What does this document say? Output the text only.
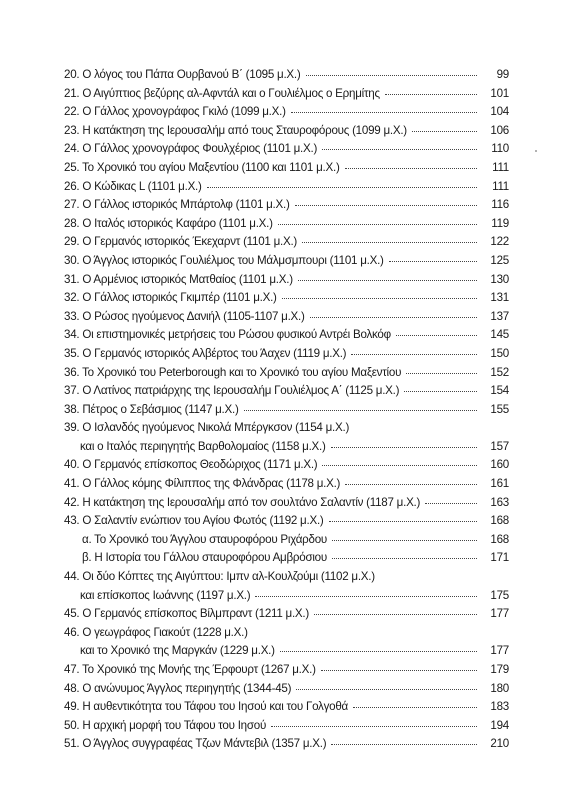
20. Ο λόγος του Πάπα Ουρβανού Β΄ (1095 μ.Χ.)	99
21. Ο Αιγύπτιος βεζύρης αλ-Αφντάλ και ο Γουλιέλμος ο Ερημίτης	101
22. Ο Γάλλος χρονογράφος Γκιλό (1099 μ.Χ.)	104
23. Η κατάκτηση της Ιερουσαλήμ από τους Σταυροφόρους (1099 μ.Χ.)	106
24. Ο Γάλλος χρονογράφος Φουλχέριος (1101 μ.Χ.)	110
25. Το Χρονικό του αγίου Μαξεντίου (1100 και 1101 μ.Χ.)	111
26. Ο Κώδικας L (1101 μ.Χ.)	111
27. Ο Γάλλος ιστορικός Μπάρτολφ (1101 μ.Χ.)	116
28. Ο Ιταλός ιστορικός Καφάρο (1101 μ.Χ.)	119
29. Ο Γερμανός ιστορικός Έκεχαρντ (1101 μ.Χ.)	122
30. Ο Άγγλος ιστορικός Γουλιέλμος του Μάλμσμπουρι (1101 μ.Χ.)	125
31. Ο Αρμένιος ιστορικός Ματθαίος (1101 μ.Χ.)	130
32. Ο Γάλλος ιστορικός Γκιμπέρ (1101 μ.Χ.)	131
33. Ο Ρώσος ηγούμενος Δανιήλ (1105-1107 μ.Χ.)	137
34. Οι επιστημονικές μετρήσεις του Ρώσου φυσικού Αντρέι Βολκόφ	145
35. Ο Γερμανός ιστορικός Αλβέρτος του Άαχεν (1119 μ.Χ.)	150
36. Το Χρονικό του Peterborough και το Χρονικό του αγίου Μαξεντίου	152
37. Ο Λατίνος πατριάρχης της Ιερουσαλήμ Γουλιέλμος Α΄ (1125 μ.Χ.)	154
38. Πέτρος ο Σεβάσμιος (1147 μ.Χ.)	155
39. Ο Ισλανδός ηγούμενος Νικολά Μπέργκσον (1154 μ.Χ.)
και ο Ιταλός περιηγητής Βαρθολομαίος (1158 μ.Χ.)	157
40. Ο Γερμανός επίσκοπος Θεοδώριχος (1171 μ.Χ.)	160
41. Ο Γάλλος κόμης Φίλιππος της Φλάνδρας (1178 μ.Χ.)	161
42. Η κατάκτηση της Ιερουσαλήμ από τον σουλτάνο Σαλαντίν (1187 μ.Χ.)	163
43. Ο Σαλαντίν ενώπιον του Αγίου Φωτός (1192 μ.Χ.)	168
α. Το Χρονικό του Άγγλου σταυροφόρου Ριχάρδου	168
β. Η Ιστορία του Γάλλου σταυροφόρου Αμβρόσιου	171
44. Οι δύο Κόπτες της Αιγύπτου: Ιμπν αλ-Κουλζούμι (1102 μ.Χ.)
και επίσκοπος Ιωάννης (1197 μ.Χ.)	175
45. Ο Γερμανός επίσκοπος Βίλμπραντ (1211 μ.Χ.)	177
46. Ο γεωγράφος Γιακούτ (1228 μ.Χ.)
και το Χρονικό της Μαργκάν (1229 μ.Χ.)	177
47. Το Χρονικό της Μονής της Έρφουρτ (1267 μ.Χ.)	179
48. Ο ανώνυμος Άγγλος περιηγητής (1344-45)	180
49. Η αυθεντικότητα του Τάφου του Ιησού και του Γολγοθά	183
50. Η αρχική μορφή του Τάφου του Ιησού	194
51. Ο Άγγλος συγγραφέας Τζων Μάντεβιλ (1357 μ.Χ.)	210
